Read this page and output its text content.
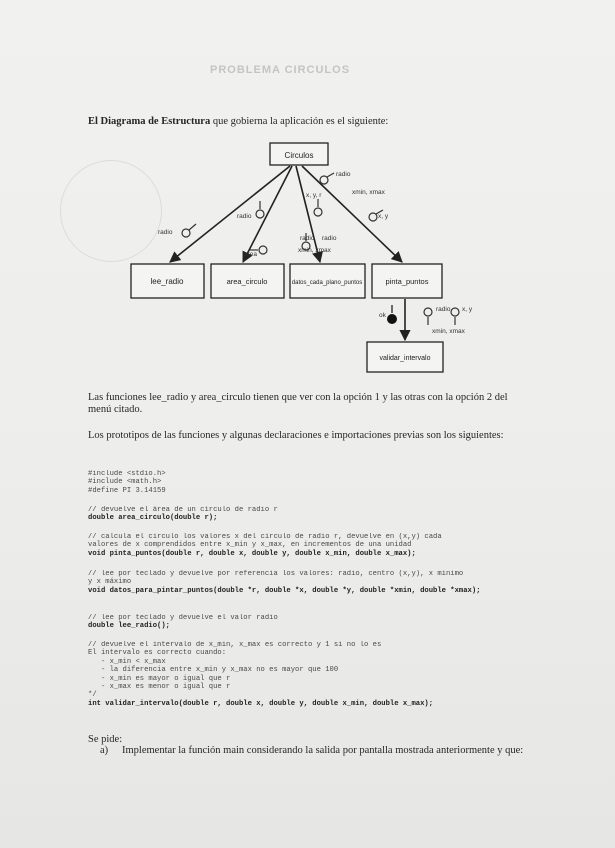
PROBLEMA CIRCULOS
El Diagrama de Estructura que gobierna la aplicación es el siguiente:
Circulos
lee_radio	area_circulo	datos_cada_plano_puntos	pinta_puntos
validar_intervalo
radio
radio
area
radio
x, y, r	xmin, xmax
radio
xmin, xmax
x, y
radio
radio x, y
xmin, xmax
ok
Las funciones lee_radio y area_circulo tienen que ver con la opción 1 y las otras con la opción 2 del menú citado.
Los prototipos de las funciones y algunas declaraciones e importaciones previas son los siguientes:
#include <stdio.h>
#include <math.h>
#define PI 3.14159
// devuelve el área de un círculo de radio r
double area_circulo(double r);
// calcula el circulo los valores x del circulo de radio r, devuelve en (x,y) cada
valores de x comprendidos entre x_min y x_max, en incrementos de una unidad
void pinta_puntos(double r, double x, double y, double x_min, double x_max);
// lee por teclado y devuelve por referencia los valores: radio, centro (x,y), x mínimo
y x máximo
void datos_para_pintar_puntos(double *r, double *x, double *y, double *xmin, double *xmax);
// lee por teclado y devuelve el valor radio
double lee_radio();
// devuelve el intervalo de x_min, x_max es correcto y 1 si no lo es
El intervalo es correcto cuando:
- x_min < x_max
- la diferencia entre x_min y x_max no es mayor que 100
- x_min es mayor o igual que r
- x_max es menor o igual que r
*/
int validar_intervalo(double r, double x, double y, double x_min, double x_max);
Se pide:
a) Implementar la función main considerando la salida por pantalla mostrada anteriormente y que:
